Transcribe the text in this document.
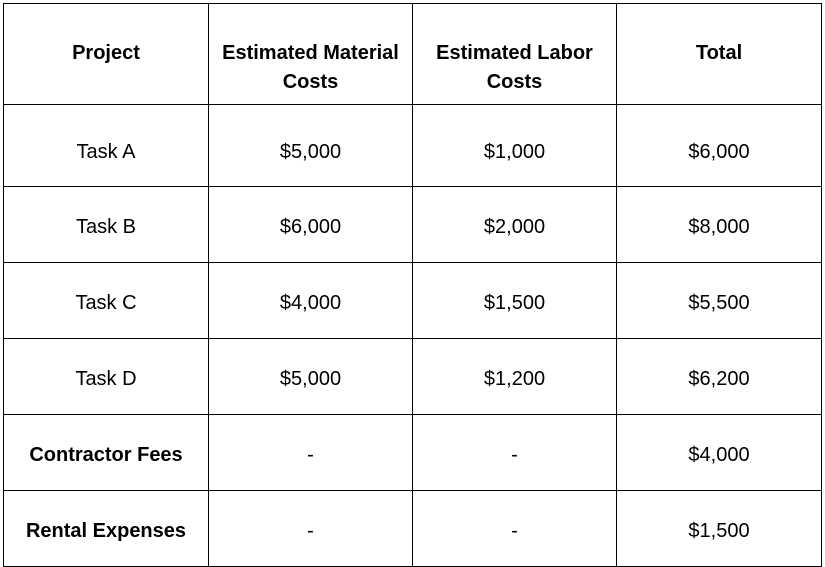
Project	Estimated Material Costs	Estimated Labor Costs	Total
Task A	$5,000	$1,000	$6,000
Task B	$6,000	$2,000	$8,000
Task C	$4,000	$1,500	$5,500
Task D	$5,000	$1,200	$6,200
Contractor Fees	-	-	$4,000
Rental Expenses	-	-	$1,500
